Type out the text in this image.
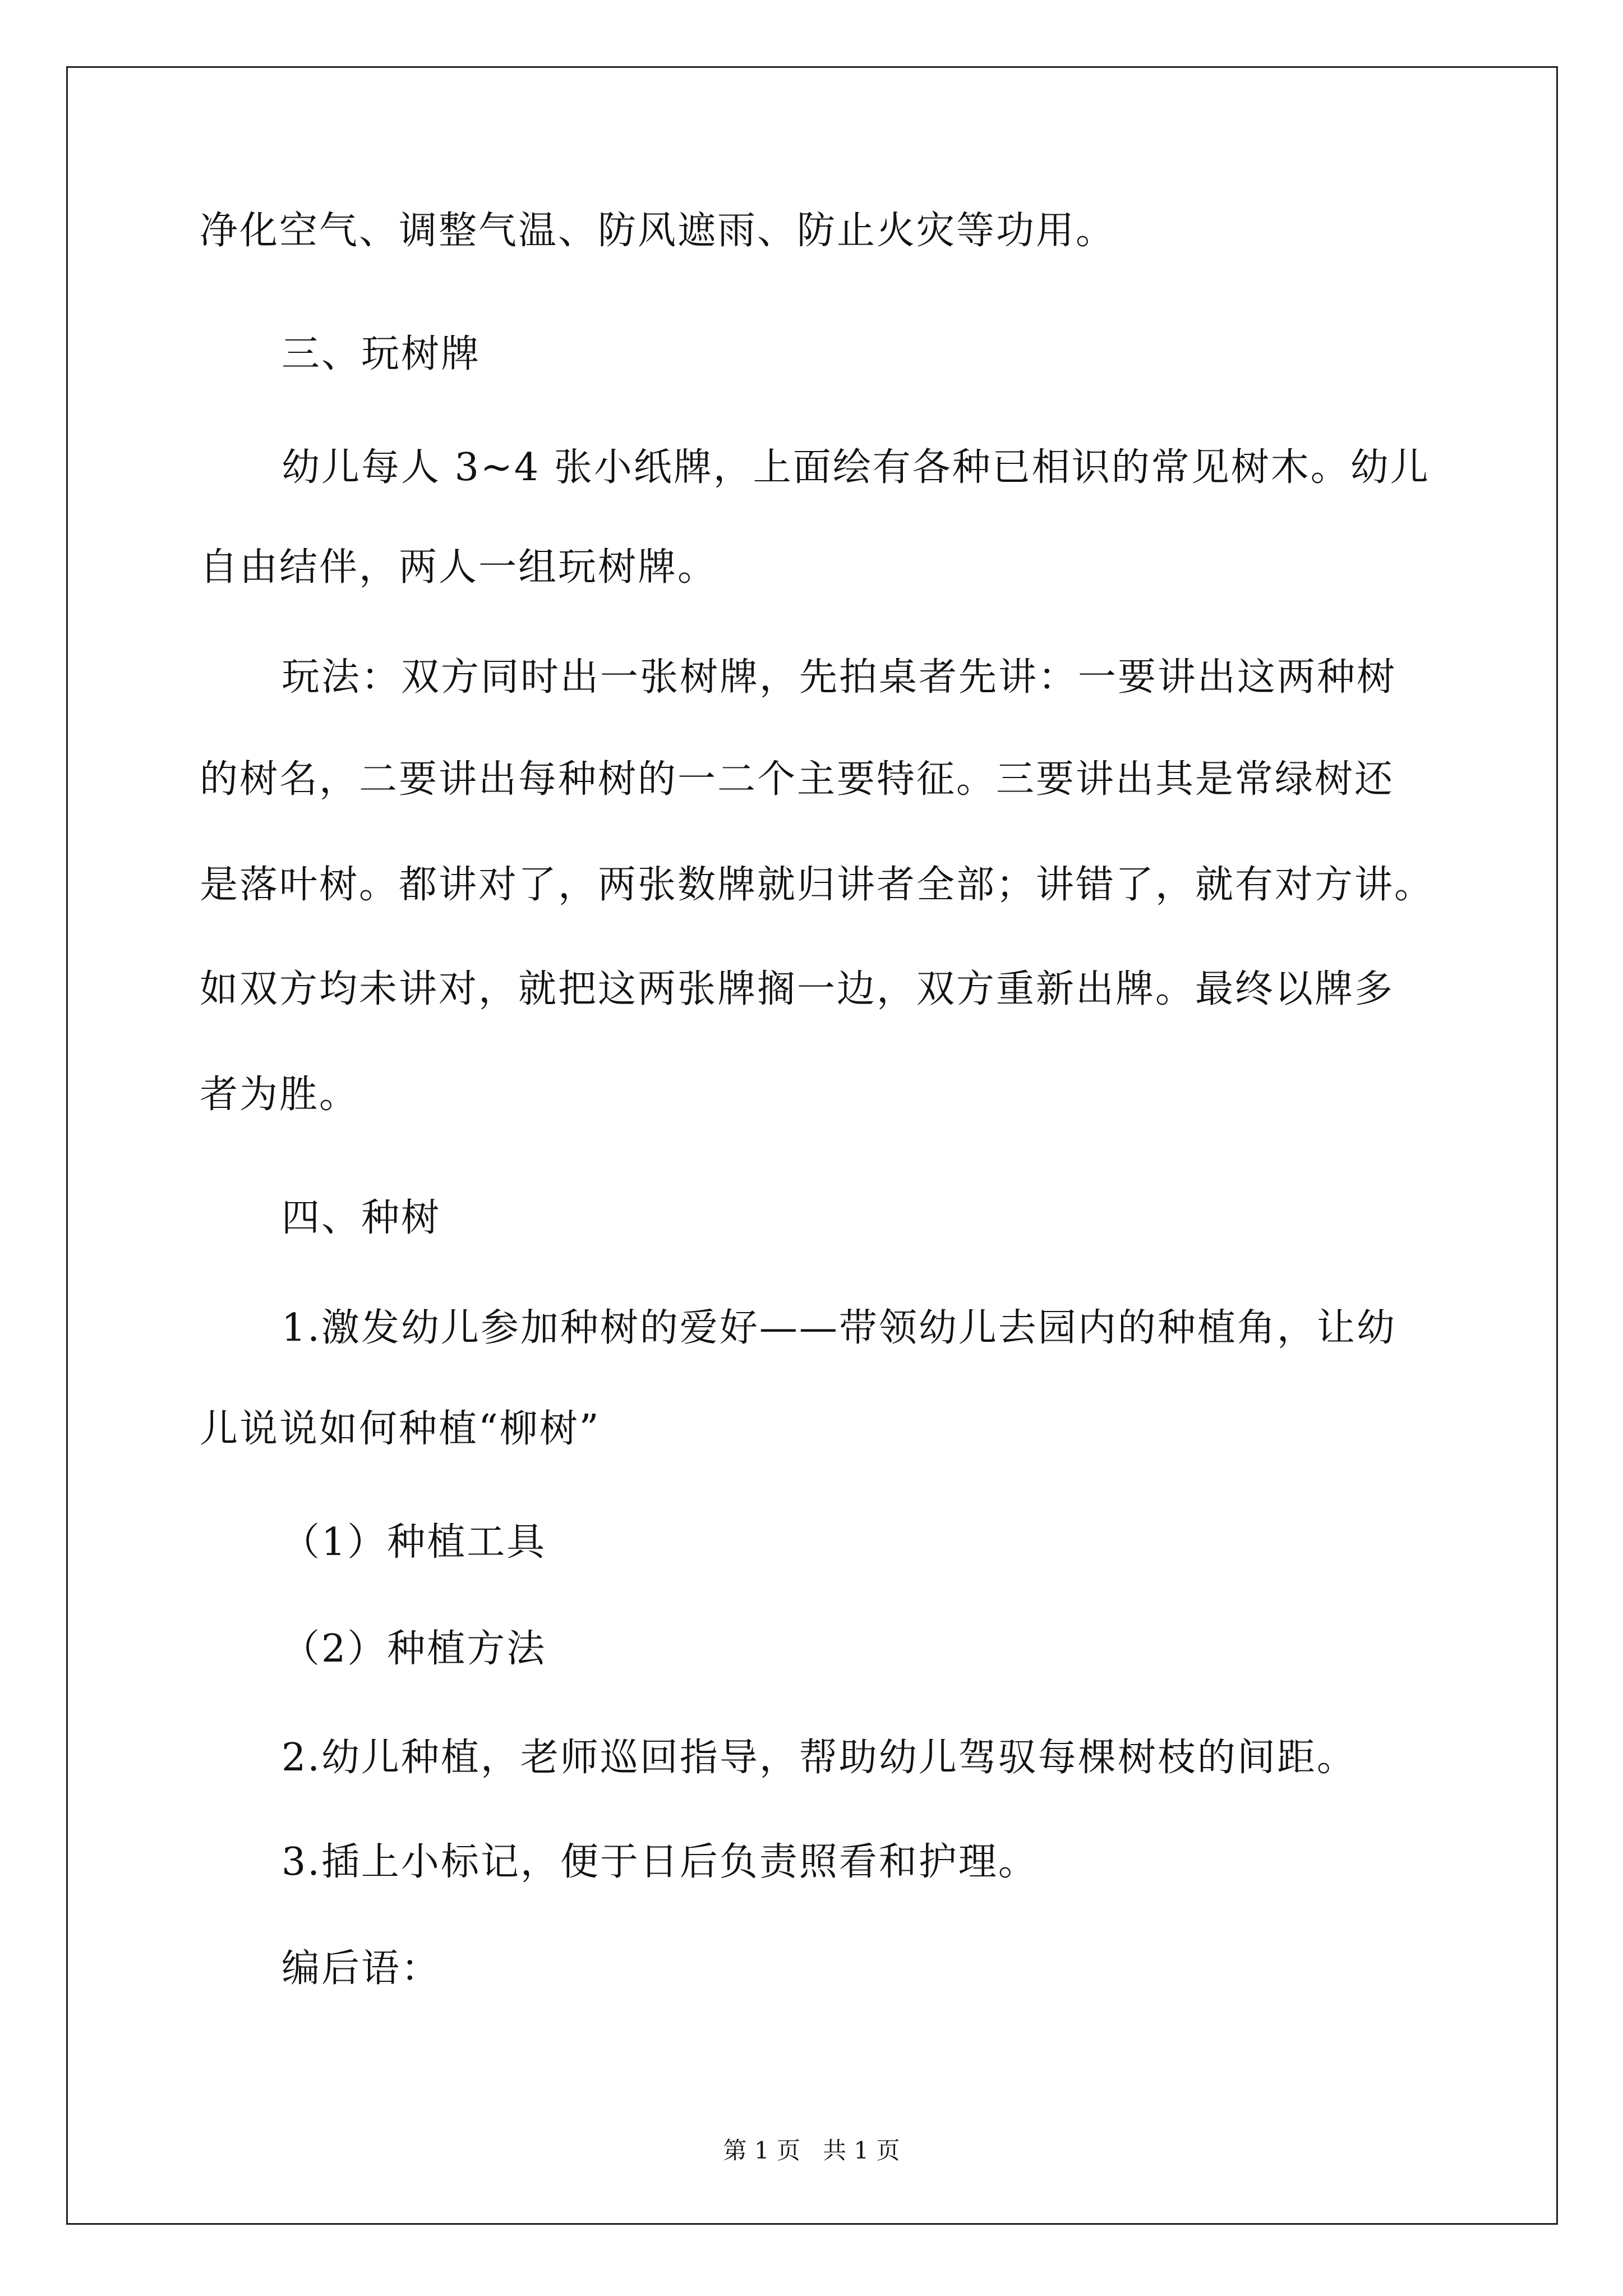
净化空气、调整气温、防风遮雨、防止火灾等功用。

三、玩树牌

幼儿每人 3~4 张小纸牌，上面绘有各种已相识的常见树木。幼儿

自由结伴，两人一组玩树牌。

玩法：双方同时出一张树牌，先拍桌者先讲：一要讲出这两种树

的树名，二要讲出每种树的一二个主要特征。三要讲出其是常绿树还

是落叶树。都讲对了，两张数牌就归讲者全部；讲错了，就有对方讲。

如双方均未讲对，就把这两张牌搁一边，双方重新出牌。最终以牌多

者为胜。

四、种树

1.激发幼儿参加种树的爱好——带领幼儿去园内的种植角，让幼

儿说说如何种植“柳树”

（1）种植工具

（2）种植方法

2.幼儿种植，老师巡回指导，帮助幼儿驾驭每棵树枝的间距。

3.插上小标记，便于日后负责照看和护理。

编后语：

第 1 页   共 1 页
